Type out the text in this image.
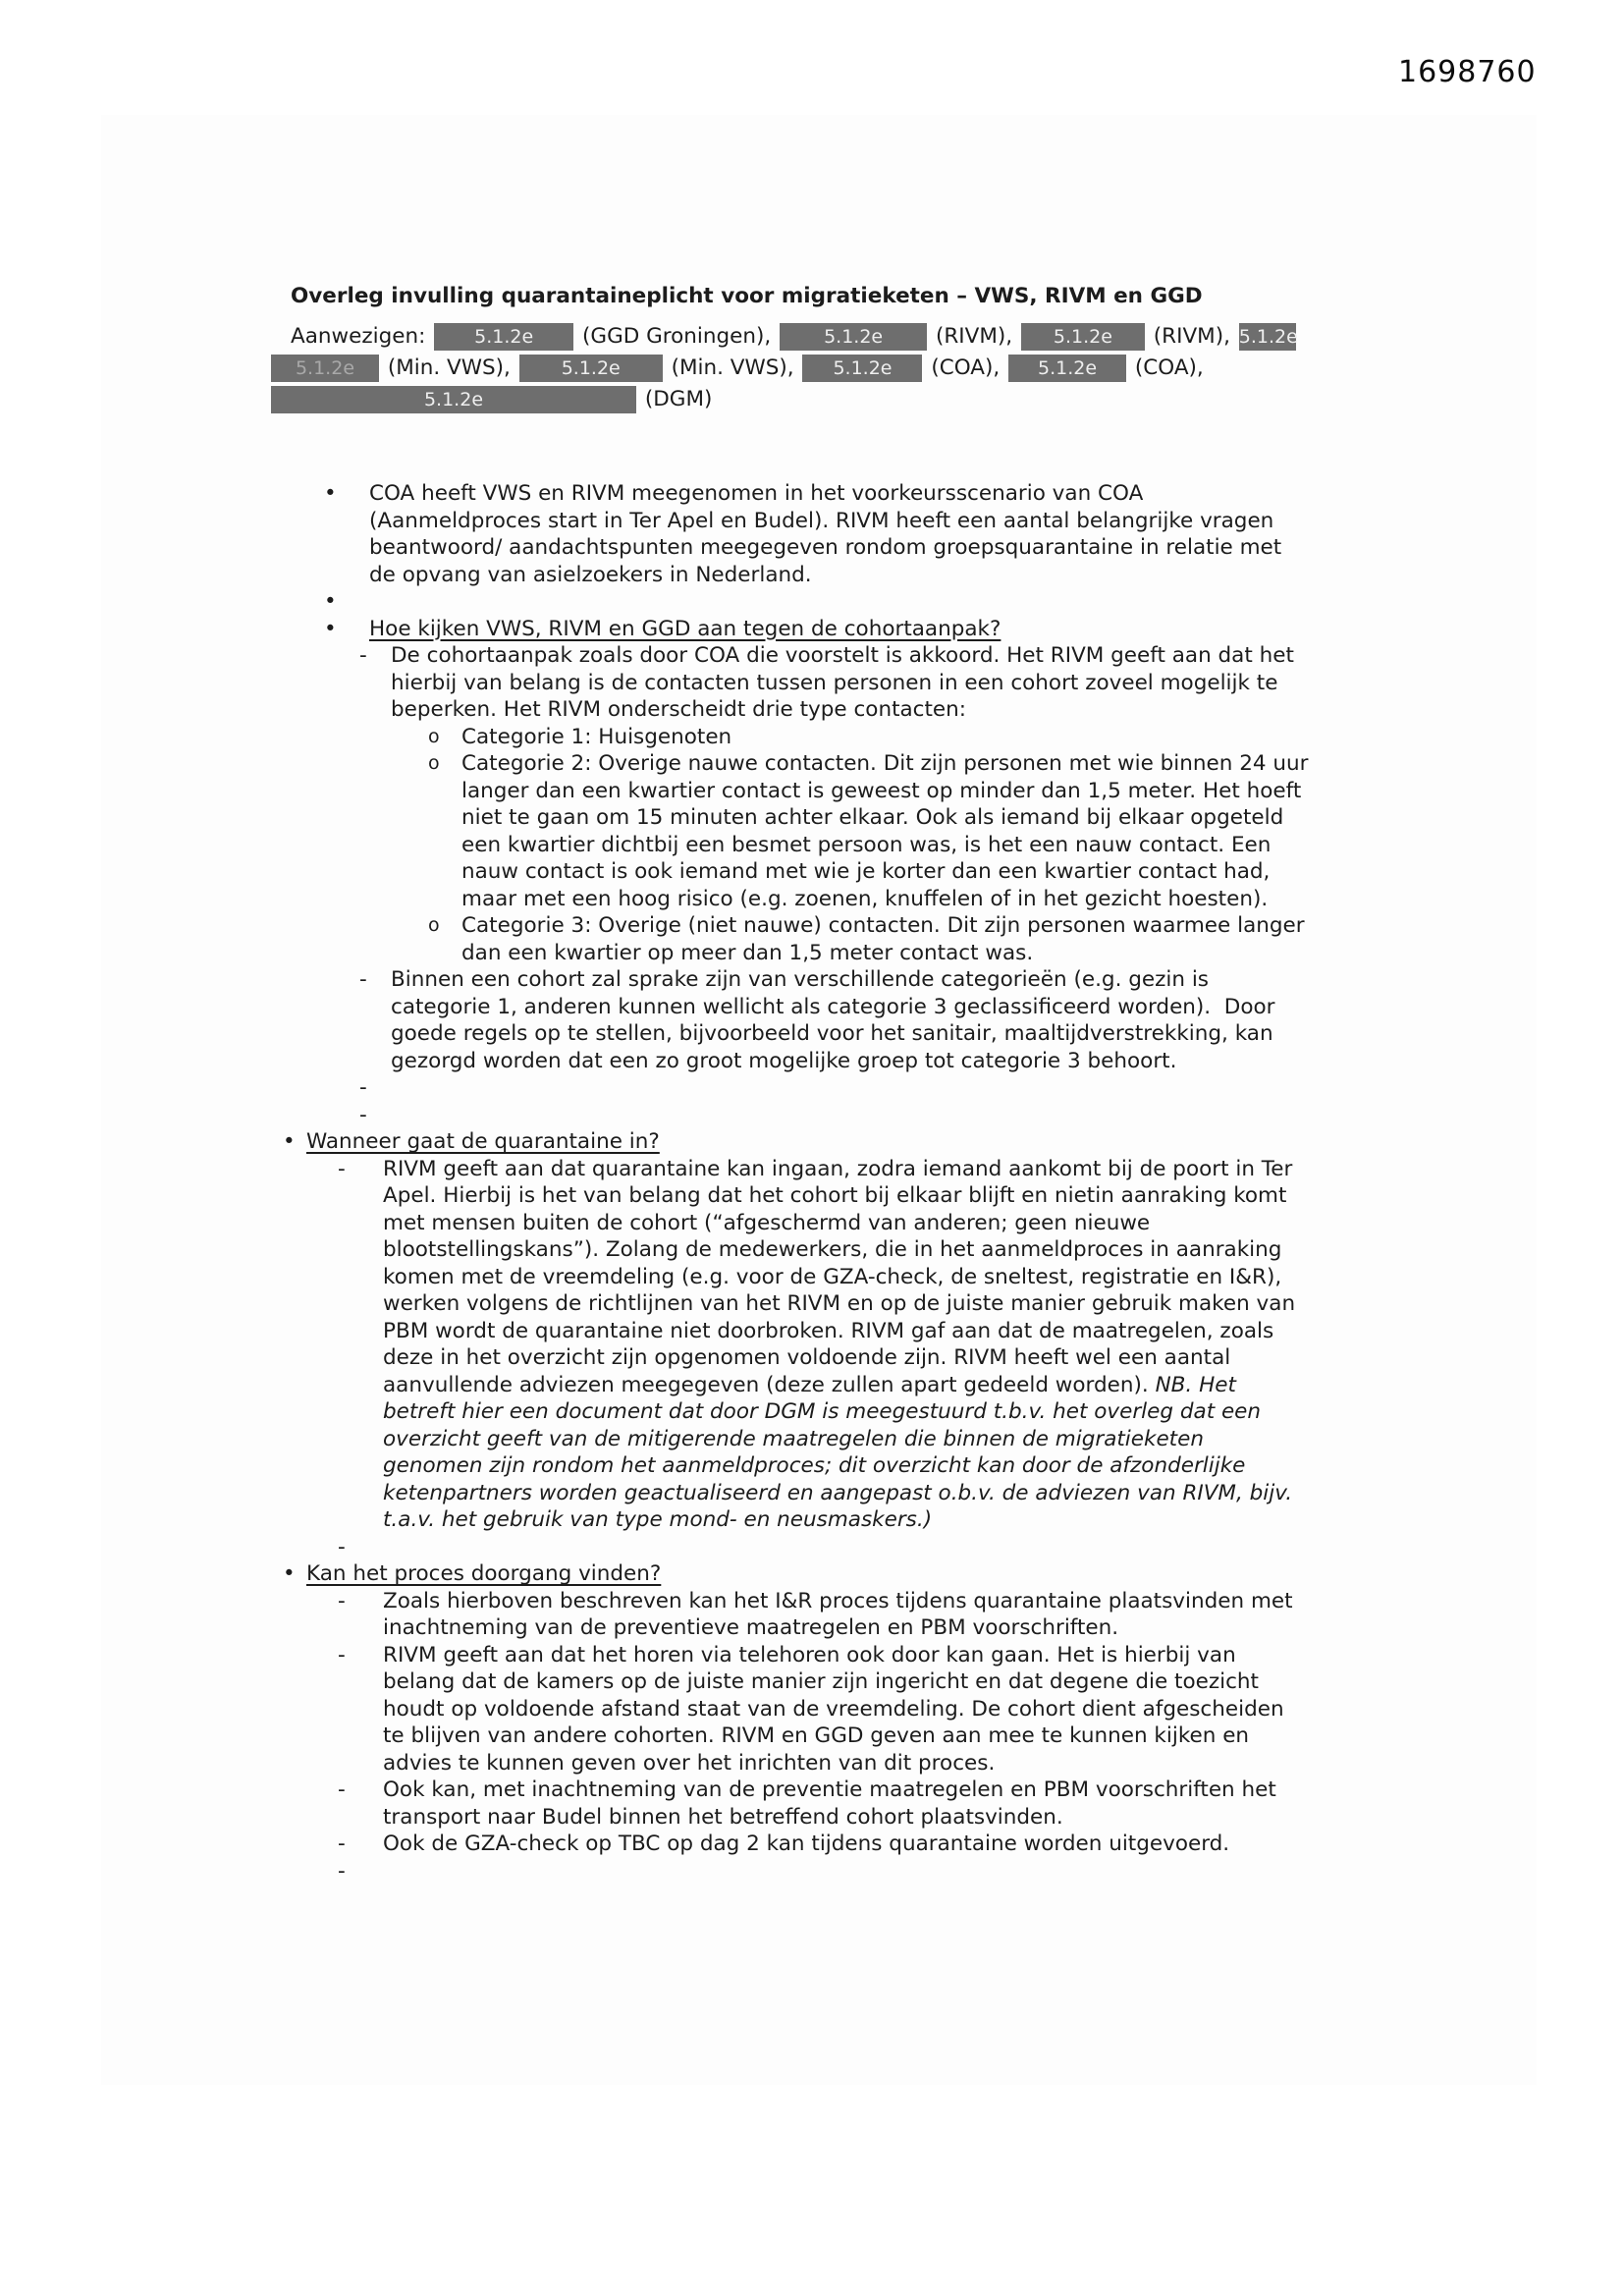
1698760
Overleg invulling quarantaineplicht voor migratieketen – VWS, RIVM en GGD
Aanwezigen:	5.1.2e (GGD Groningen),	5.1.2e	(RIVM), 5.1.2e (RIVM), 5.1.2e
5.1.2e (Min. VWS),	5.1.2e (Min. VWS), 5.1.2e (COA), 5.1.2e (COA),
5.1.2e	(DGM)
• COA heeft VWS en RIVM meegenomen in het voorkeursscenario van COA (Aanmeldproces start in Ter Apel en Budel). RIVM heeft een aantal belangrijke vragen beantwoord/ aandachtspunten meegegeven rondom groepsquarantaine in relatie met de opvang van asielzoekers in Nederland.
•
• Hoe kijken VWS, RIVM en GGD aan tegen de cohortaanpak?
- De cohortaanpak zoals door COA die voorstelt is akkoord. Het RIVM geeft aan dat het hierbij van belang is de contacten tussen personen in een cohort zoveel mogelijk te beperken. Het RIVM onderscheidt drie type contacten:
o Categorie 1: Huisgenoten
o Categorie 2: Overige nauwe contacten. Dit zijn personen met wie binnen 24 uur langer dan een kwartier contact is geweest op minder dan 1,5 meter. Het hoeft niet te gaan om 15 minuten achter elkaar. Ook als iemand bij elkaar opgeteld een kwartier dichtbij een besmet persoon was, is het een nauw contact. Een nauw contact is ook iemand met wie je korter dan een kwartier contact had, maar met een hoog risico (e.g. zoenen, knuffelen of in het gezicht hoesten).
o Categorie 3: Overige (niet nauwe) contacten. Dit zijn personen waarmee langer dan een kwartier op meer dan 1,5 meter contact was.
- Binnen een cohort zal sprake zijn van verschillende categorieën (e.g. gezin is categorie 1, anderen kunnen wellicht als categorie 3 geclassificeerd worden).  Door goede regels op te stellen, bijvoorbeeld voor het sanitair, maaltijdverstrekking, kan gezorgd worden dat een zo groot mogelijke groep tot categorie 3 behoort.
-
-
• Wanneer gaat de quarantaine in?
- RIVM geeft aan dat quarantaine kan ingaan, zodra iemand aankomt bij de poort in Ter Apel. Hierbij is het van belang dat het cohort bij elkaar blijft en nietin aanraking komt met mensen buiten de cohort (“afgeschermd van anderen; geen nieuwe blootstellingskans”). Zolang de medewerkers, die in het aanmeldproces in aanraking komen met de vreemdeling (e.g. voor de GZA-check, de sneltest, registratie en I&R), werken volgens de richtlijnen van het RIVM en op de juiste manier gebruik maken van PBM wordt de quarantaine niet doorbroken. RIVM gaf aan dat de maatregelen, zoals deze in het overzicht zijn opgenomen voldoende zijn. RIVM heeft wel een aantal aanvullende adviezen meegegeven (deze zullen apart gedeeld worden). NB. Het betreft hier een document dat door DGM is meegestuurd t.b.v. het overleg dat een overzicht geeft van de mitigerende maatregelen die binnen de migratieketen genomen zijn rondom het aanmeldproces; dit overzicht kan door de afzonderlijke ketenpartners worden geactualiseerd en aangepast o.b.v. de adviezen van RIVM, bijv. t.a.v. het gebruik van type mond- en neusmaskers.)
-
• Kan het proces doorgang vinden?
- Zoals hierboven beschreven kan het I&R proces tijdens quarantaine plaatsvinden met inachtneming van de preventieve maatregelen en PBM voorschriften.
- RIVM geeft aan dat het horen via telehoren ook door kan gaan. Het is hierbij van belang dat de kamers op de juiste manier zijn ingericht en dat degene die toezicht houdt op voldoende afstand staat van de vreemdeling. De cohort dient afgescheiden te blijven van andere cohorten. RIVM en GGD geven aan mee te kunnen kijken en advies te kunnen geven over het inrichten van dit proces.
- Ook kan, met inachtneming van de preventie maatregelen en PBM voorschriften het transport naar Budel binnen het betreffend cohort plaatsvinden.
- Ook de GZA-check op TBC op dag 2 kan tijdens quarantaine worden uitgevoerd.
-
